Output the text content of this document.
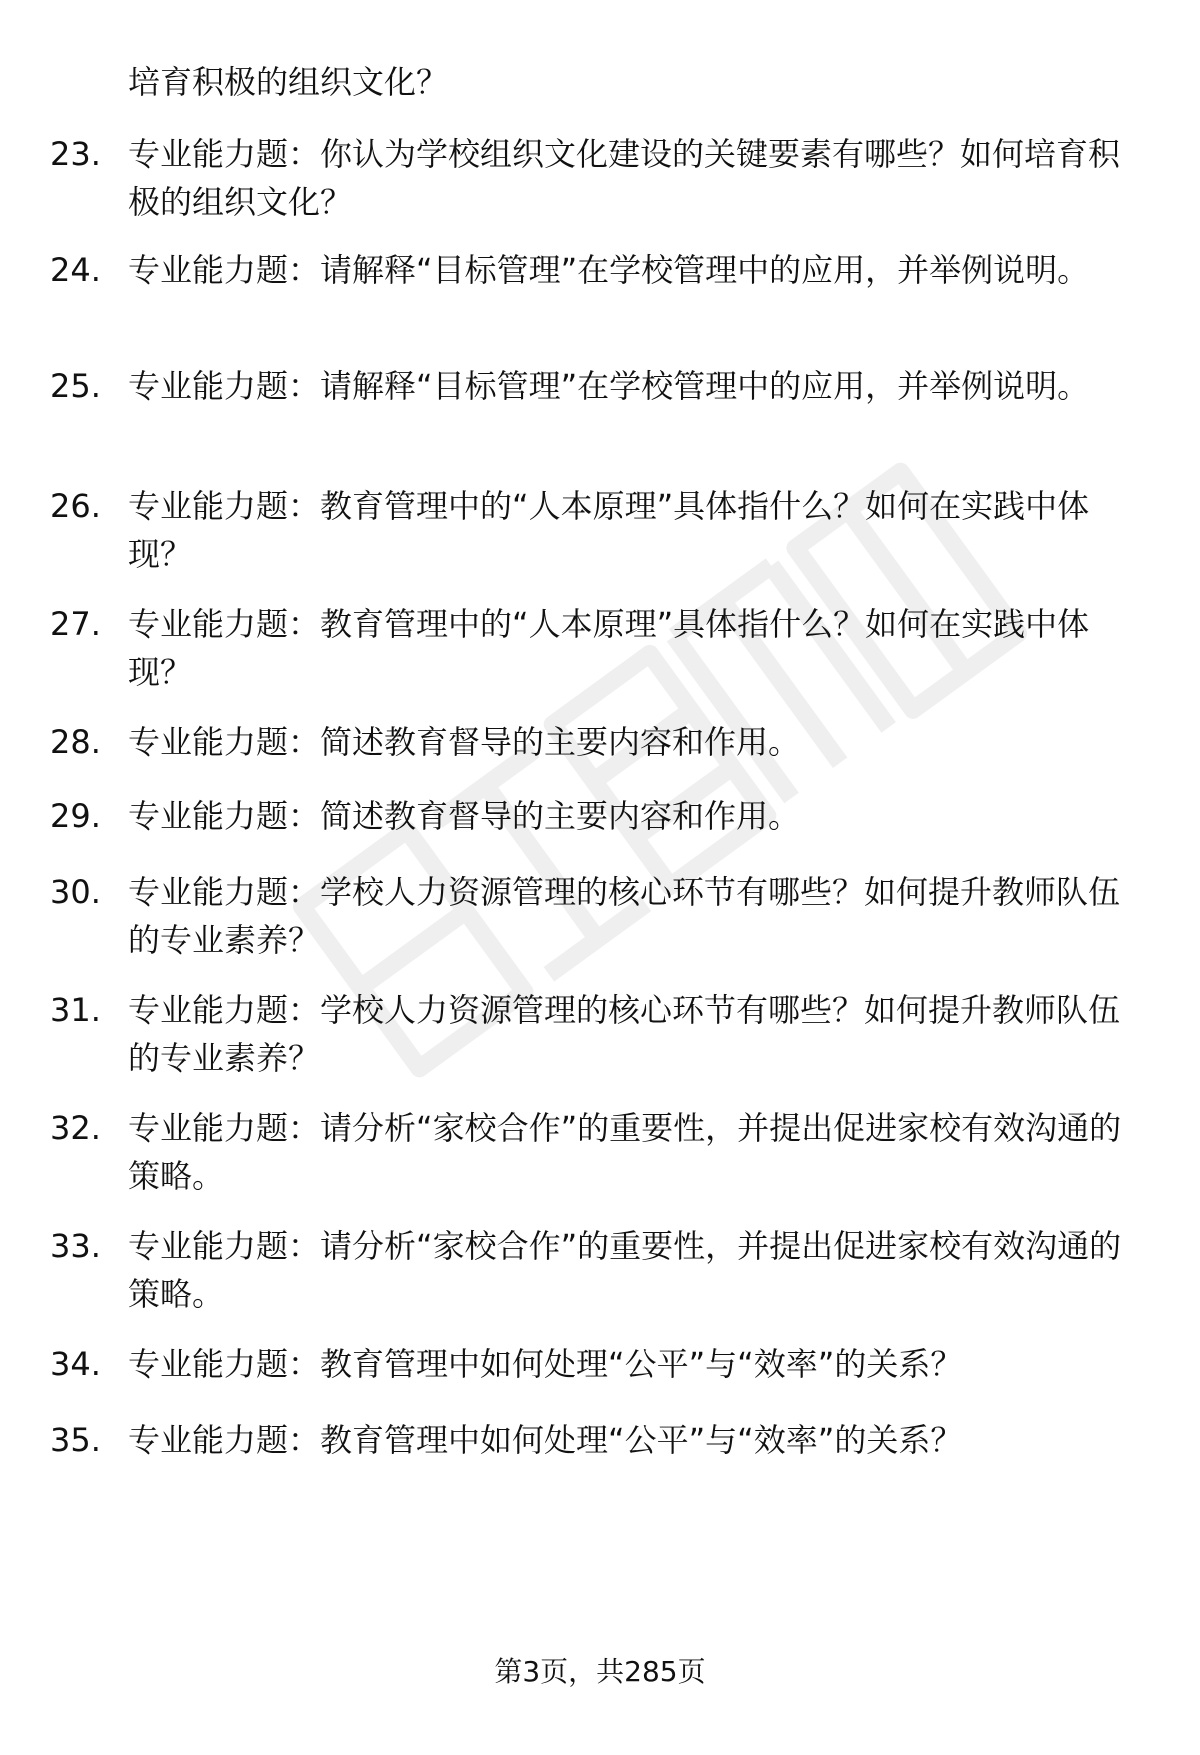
培育积极的组织文化？
23. 专业能力题：你认为学校组织文化建设的关键要素有哪些？如何培育积极的组织文化？
24. 专业能力题：请解释“目标管理”在学校管理中的应用，并举例说明。
25. 专业能力题：请解释“目标管理”在学校管理中的应用，并举例说明。
26. 专业能力题：教育管理中的“人本原理”具体指什么？如何在实践中体现？
27. 专业能力题：教育管理中的“人本原理”具体指什么？如何在实践中体现？
28. 专业能力题：简述教育督导的主要内容和作用。
29. 专业能力题：简述教育督导的主要内容和作用。
30. 专业能力题：学校人力资源管理的核心环节有哪些？如何提升教师队伍的专业素养？
31. 专业能力题：学校人力资源管理的核心环节有哪些？如何提升教师队伍的专业素养？
32. 专业能力题：请分析“家校合作”的重要性，并提出促进家校有效沟通的策略。
33. 专业能力题：请分析“家校合作”的重要性，并提出促进家校有效沟通的策略。
34. 专业能力题：教育管理中如何处理“公平”与“效率”的关系？
35. 专业能力题：教育管理中如何处理“公平”与“效率”的关系？
第3页，共285页
